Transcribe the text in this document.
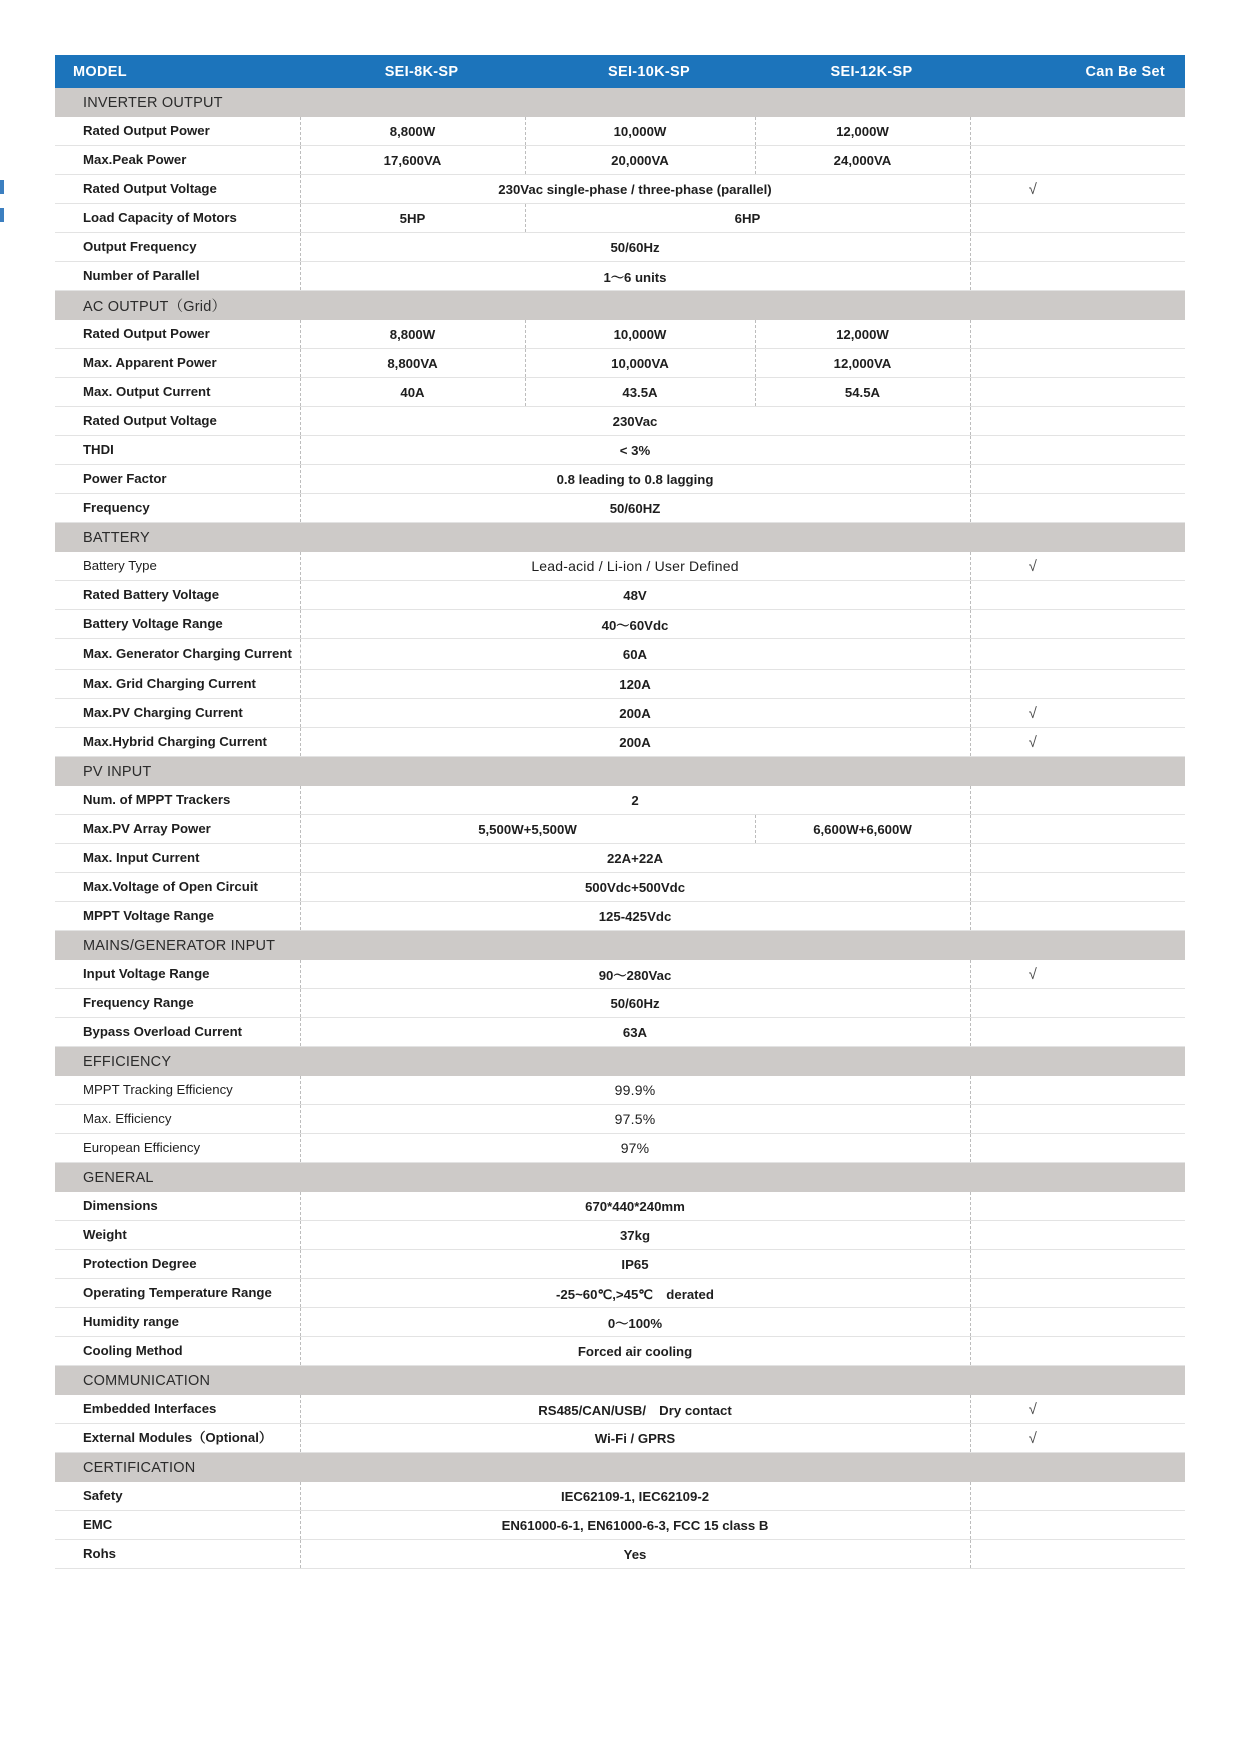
MODEL	SEI-8K-SP	SEI-10K-SP	SEI-12K-SP	Can Be Set
INVERTER OUTPUT				
Rated Output Power	8,800W	10,000W	12,000W	
Max.Peak Power	17,600VA	20,000VA	24,000VA	
Rated Output Voltage	230Vac single-phase / three-phase (parallel)			√
Load Capacity of Motors	5HP	6HP		
Output Frequency	50/60Hz			
Number of Parallel	1～6 units			
AC OUTPUT（Grid）				
Rated Output Power	8,800W	10,000W	12,000W	
Max. Apparent Power	8,800VA	10,000VA	12,000VA	
Max. Output Current	40A	43.5A	54.5A	
Rated Output Voltage	230Vac			
THDI	< 3%			
Power Factor	0.8 leading to 0.8 lagging			
Frequency	50/60HZ			
BATTERY				
Battery Type	Lead-acid / Li-ion / User Defined			√
Rated Battery Voltage	48V			
Battery Voltage Range	40～60Vdc			
Max. Generator Charging Current	60A			
Max. Grid Charging Current	120A			
Max.PV Charging Current	200A			√
Max.Hybrid Charging Current	200A			√
PV INPUT				
Num. of MPPT Trackers	2			
Max.PV Array Power	5,500W+5,500W		6,600W+6,600W	
Max. Input Current	22A+22A			
Max.Voltage of Open Circuit	500Vdc+500Vdc			
MPPT Voltage Range	125-425Vdc			
MAINS/GENERATOR INPUT				
Input Voltage Range	90～280Vac			√
Frequency Range	50/60Hz			
Bypass Overload Current	63A			
EFFICIENCY				
MPPT Tracking Efficiency	99.9%			
Max. Efficiency	97.5%			
European Efficiency	97%			
GENERAL				
Dimensions	670*440*240mm			
Weight	37kg			
Protection Degree	IP65			
Operating Temperature Range	-25~60℃,>45℃　derated			
Humidity range	0～100%			
Cooling Method	Forced air cooling			
COMMUNICATION				
Embedded Interfaces	RS485/CAN/USB/　Dry contact			√
External Modules（Optional）	Wi-Fi / GPRS			√
CERTIFICATION				
Safety	IEC62109-1, IEC62109-2			
EMC	EN61000-6-1, EN61000-6-3, FCC 15 class B			
Rohs	Yes			
